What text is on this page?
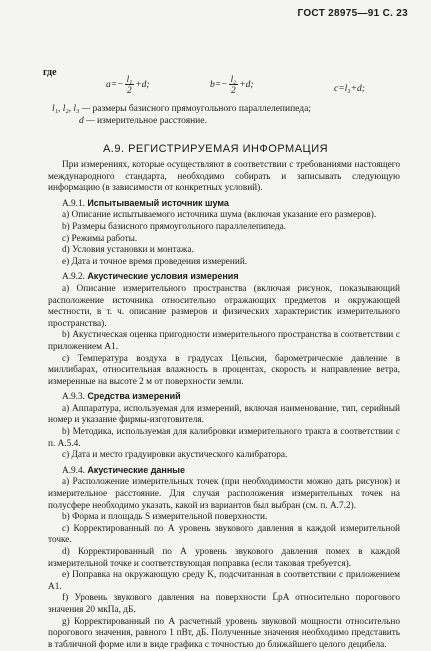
ГОСТ 28975—91 С. 23
где
$a=- \frac{\text{l₁}}{2} +d$;	$b=- \frac{\text{l₂}}{2} +d$;	c=l₃+d;
l₁, l₂, l₃ — размеры базисного прямоугольного параллелепипеда;
d — измерительное расстояние.
А.9. РЕГИСТРИРУЕМАЯ ИНФОРМАЦИЯ

При измерениях, которые осуществляют в соответствии с требованиями настоящего международного стандарта, необходимо собирать и записывать следующую информацию (в зависимости от конкретных условий).

А.9.1. Испытываемый источник шума

a) Описание испытываемого источника шума (включая указание его размеров).

b) Размеры базисного прямоугольного параллелепипеда.

c) Режимы работы.

d) Условия установки и монтажа.

e) Дата и точное время проведения измерений.

А.9.2. Акустические условия измерения

a) Описание измерительного пространства (включая рисунок, показывающий расположение источника относительно отражающих предметов и окружающей местности, в т. ч. описание размеров и физических характеристик измерительного пространства).

b) Акустическая оценка пригодности измерительного пространства в соответствии с приложением А1.

c) Температура воздуха в градусах Цельсия, барометрическое давление в миллибарах, относительная влажность в процентах, скорость и направление ветра, измеренные на высоте 2 м от поверхности земли.

А.9.3. Средства измерений

a) Аппаратура, используемая для измерений, включая наименование, тип, серийный номер и указание фирмы-изготовителя.

b) Методика, используемая для калибровки измерительного тракта в соответствии с п. А.5.4.

c) Дата и место градуировки акустического калибратора.

А.9.4. Акустические данные

a) Расположение измерительных точек (при необходимости можно дать рисунок) и измерительное расстояние. Для случая расположения измерительных точек на полусфере необходимо указать, какой из вариантов был выбран (см. п. А.7.2).

b) Форма и площадь S измерительной поверхности.

c) Корректированный по А уровень звукового давления в каждой измерительной точке.

d) Корректированный по А уровень звукового давления помех в каждой измерительной точке и соответствующая поправка (если таковая требуется).

e) Поправка на окружающую среду K, подсчитанная в соответствии с приложением А1.

f) Уровень звукового давления на поверхности L̄pA относительно порогового значения 20 мкПа, дБ.

g) Корректированный по А расчетный уровень звуковой мощности относительно порогового значения, равного 1 пВт, дБ. Полученные значения необходимо представить в табличной форме или в виде графика с точностью до ближайшего целого децибела.
